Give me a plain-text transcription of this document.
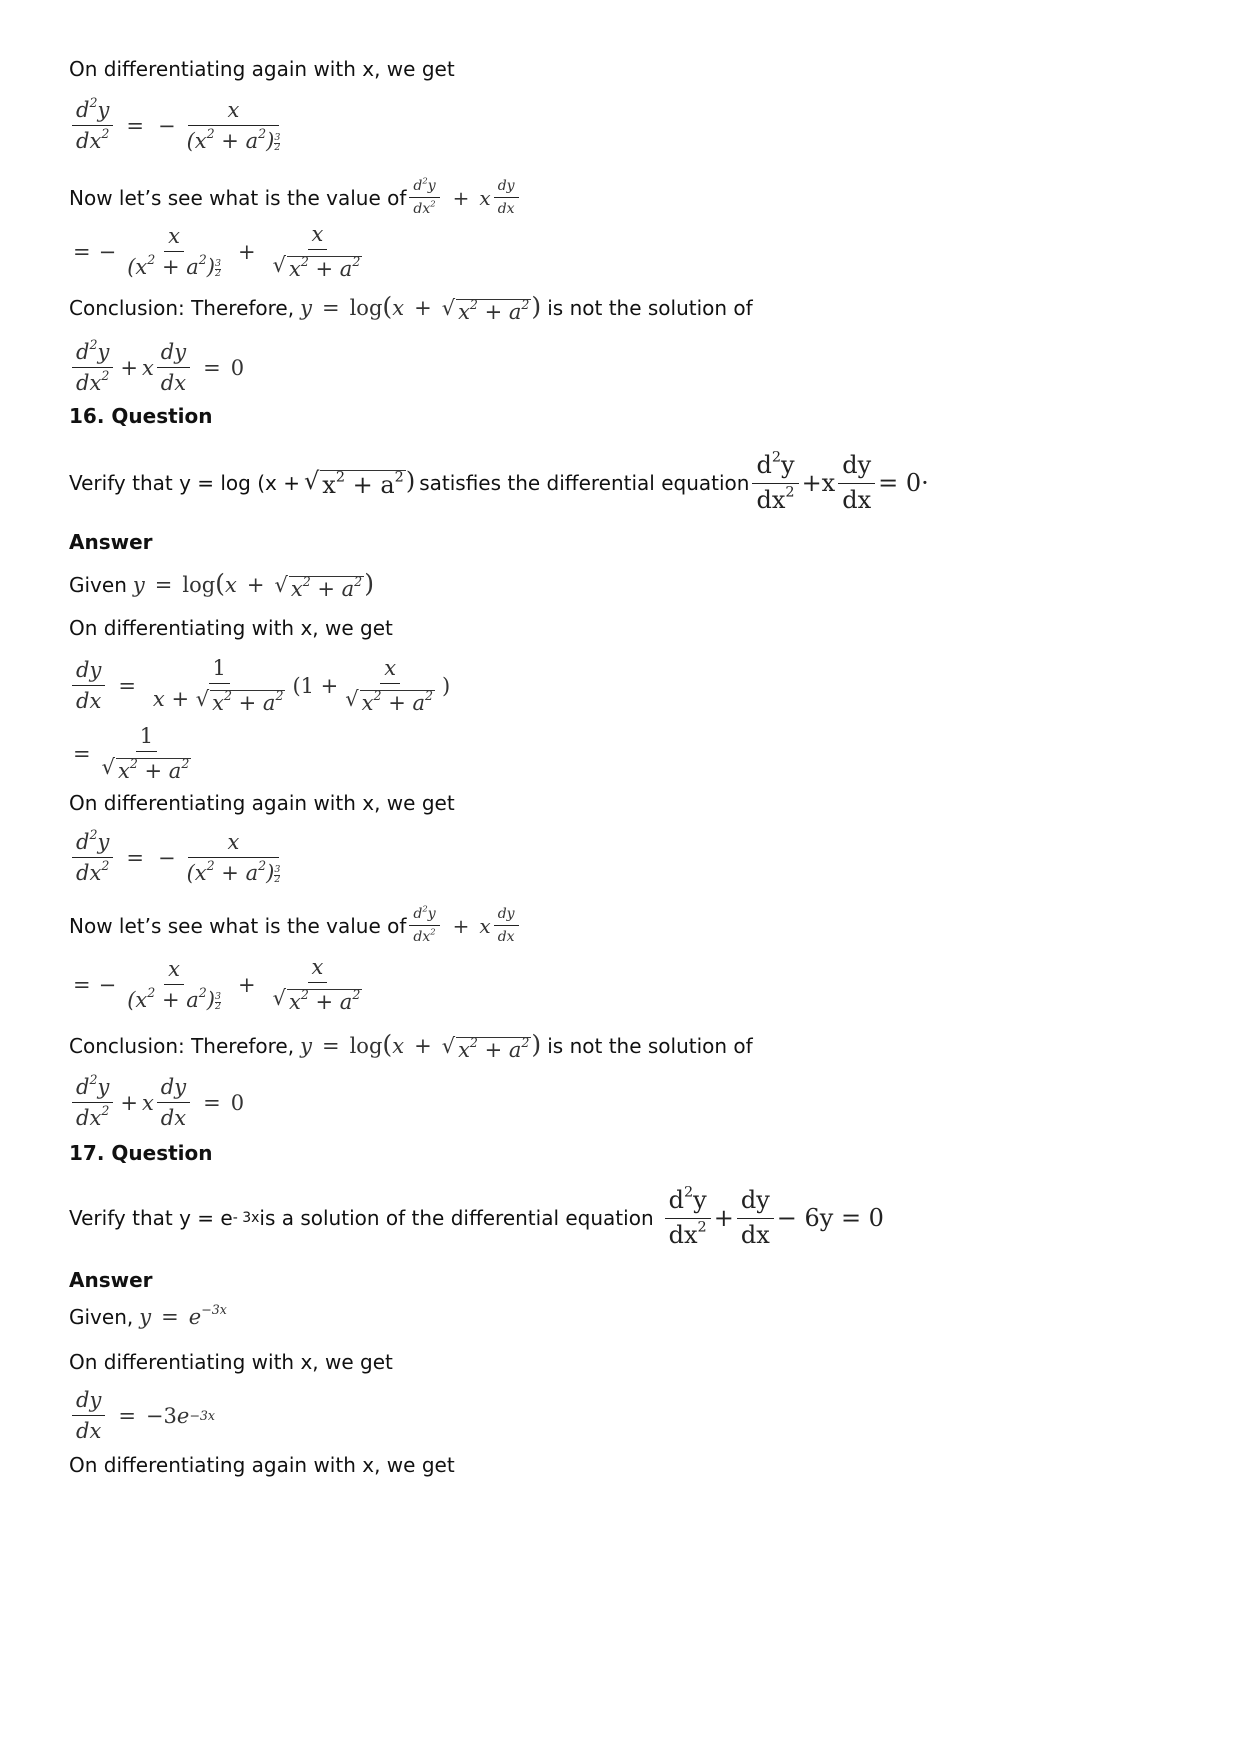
On differentiating again with x, we get
$\frac{d^2y}{dx^2}$ = − $\frac{x}{(x^2 + a^2) \frac{3}{2}}$
Now let’s see what is the value of $\frac{d^2y}{dx^2} + x \frac{dy}{dx}$
= − $\frac{x}{(x^2 + a^2) \frac{3}{2}} + \frac{x}{√ x^2 + a^2}$
Conclusion: Therefore, y = log(x + √ $x^2 + a^2$ ) is not the solution of
$\frac{d^2y}{dx^2} + x \frac{dy}{dx} = 0$
16. Question
Verify that y = log (x + √ $x^2 + a^2$ ) satisfies the differential equation $\frac{d^2y}{dx^2} +x \frac{dy}{dx} = 0\cdot$
Answer
Given y = log(x + √ $x^2 + a^2$ )
On differentiating with x, we get
$\frac{dy}{dx} = \frac{1}{x + √ x^2 + a^2} (1 + \frac{x}{√ x^2 + a^2}$ )
= $\frac{1}{√ x^2 + a^2}$
On differentiating again with x, we get
$\frac{d^2y}{dx^2}$ = − $\frac{x}{(x^2 + a^2) \frac{3}{2}}$
Now let’s see what is the value of $\frac{d^2y}{dx^2} + x \frac{dy}{dx}$
= − $\frac{x}{(x^2 + a^2) \frac{3}{2}} + \frac{x}{√ x^2 + a^2}$
Conclusion: Therefore, y = log(x + √ $x^2 + a^2$ ) is not the solution of
$\frac{d^2y}{dx^2} + x \frac{dy}{dx} = 0$
17. Question
Verify that y = e - 3x is a solution of the differential equation $\frac{d^2y}{dx^2} + \frac{dy}{dx} - 6y = 0$
Answer
Given, $y = e^{-3x}$
On differentiating with x, we get
$\frac{dy}{dx} = -3$ e −3x
On differentiating again with x, we get
